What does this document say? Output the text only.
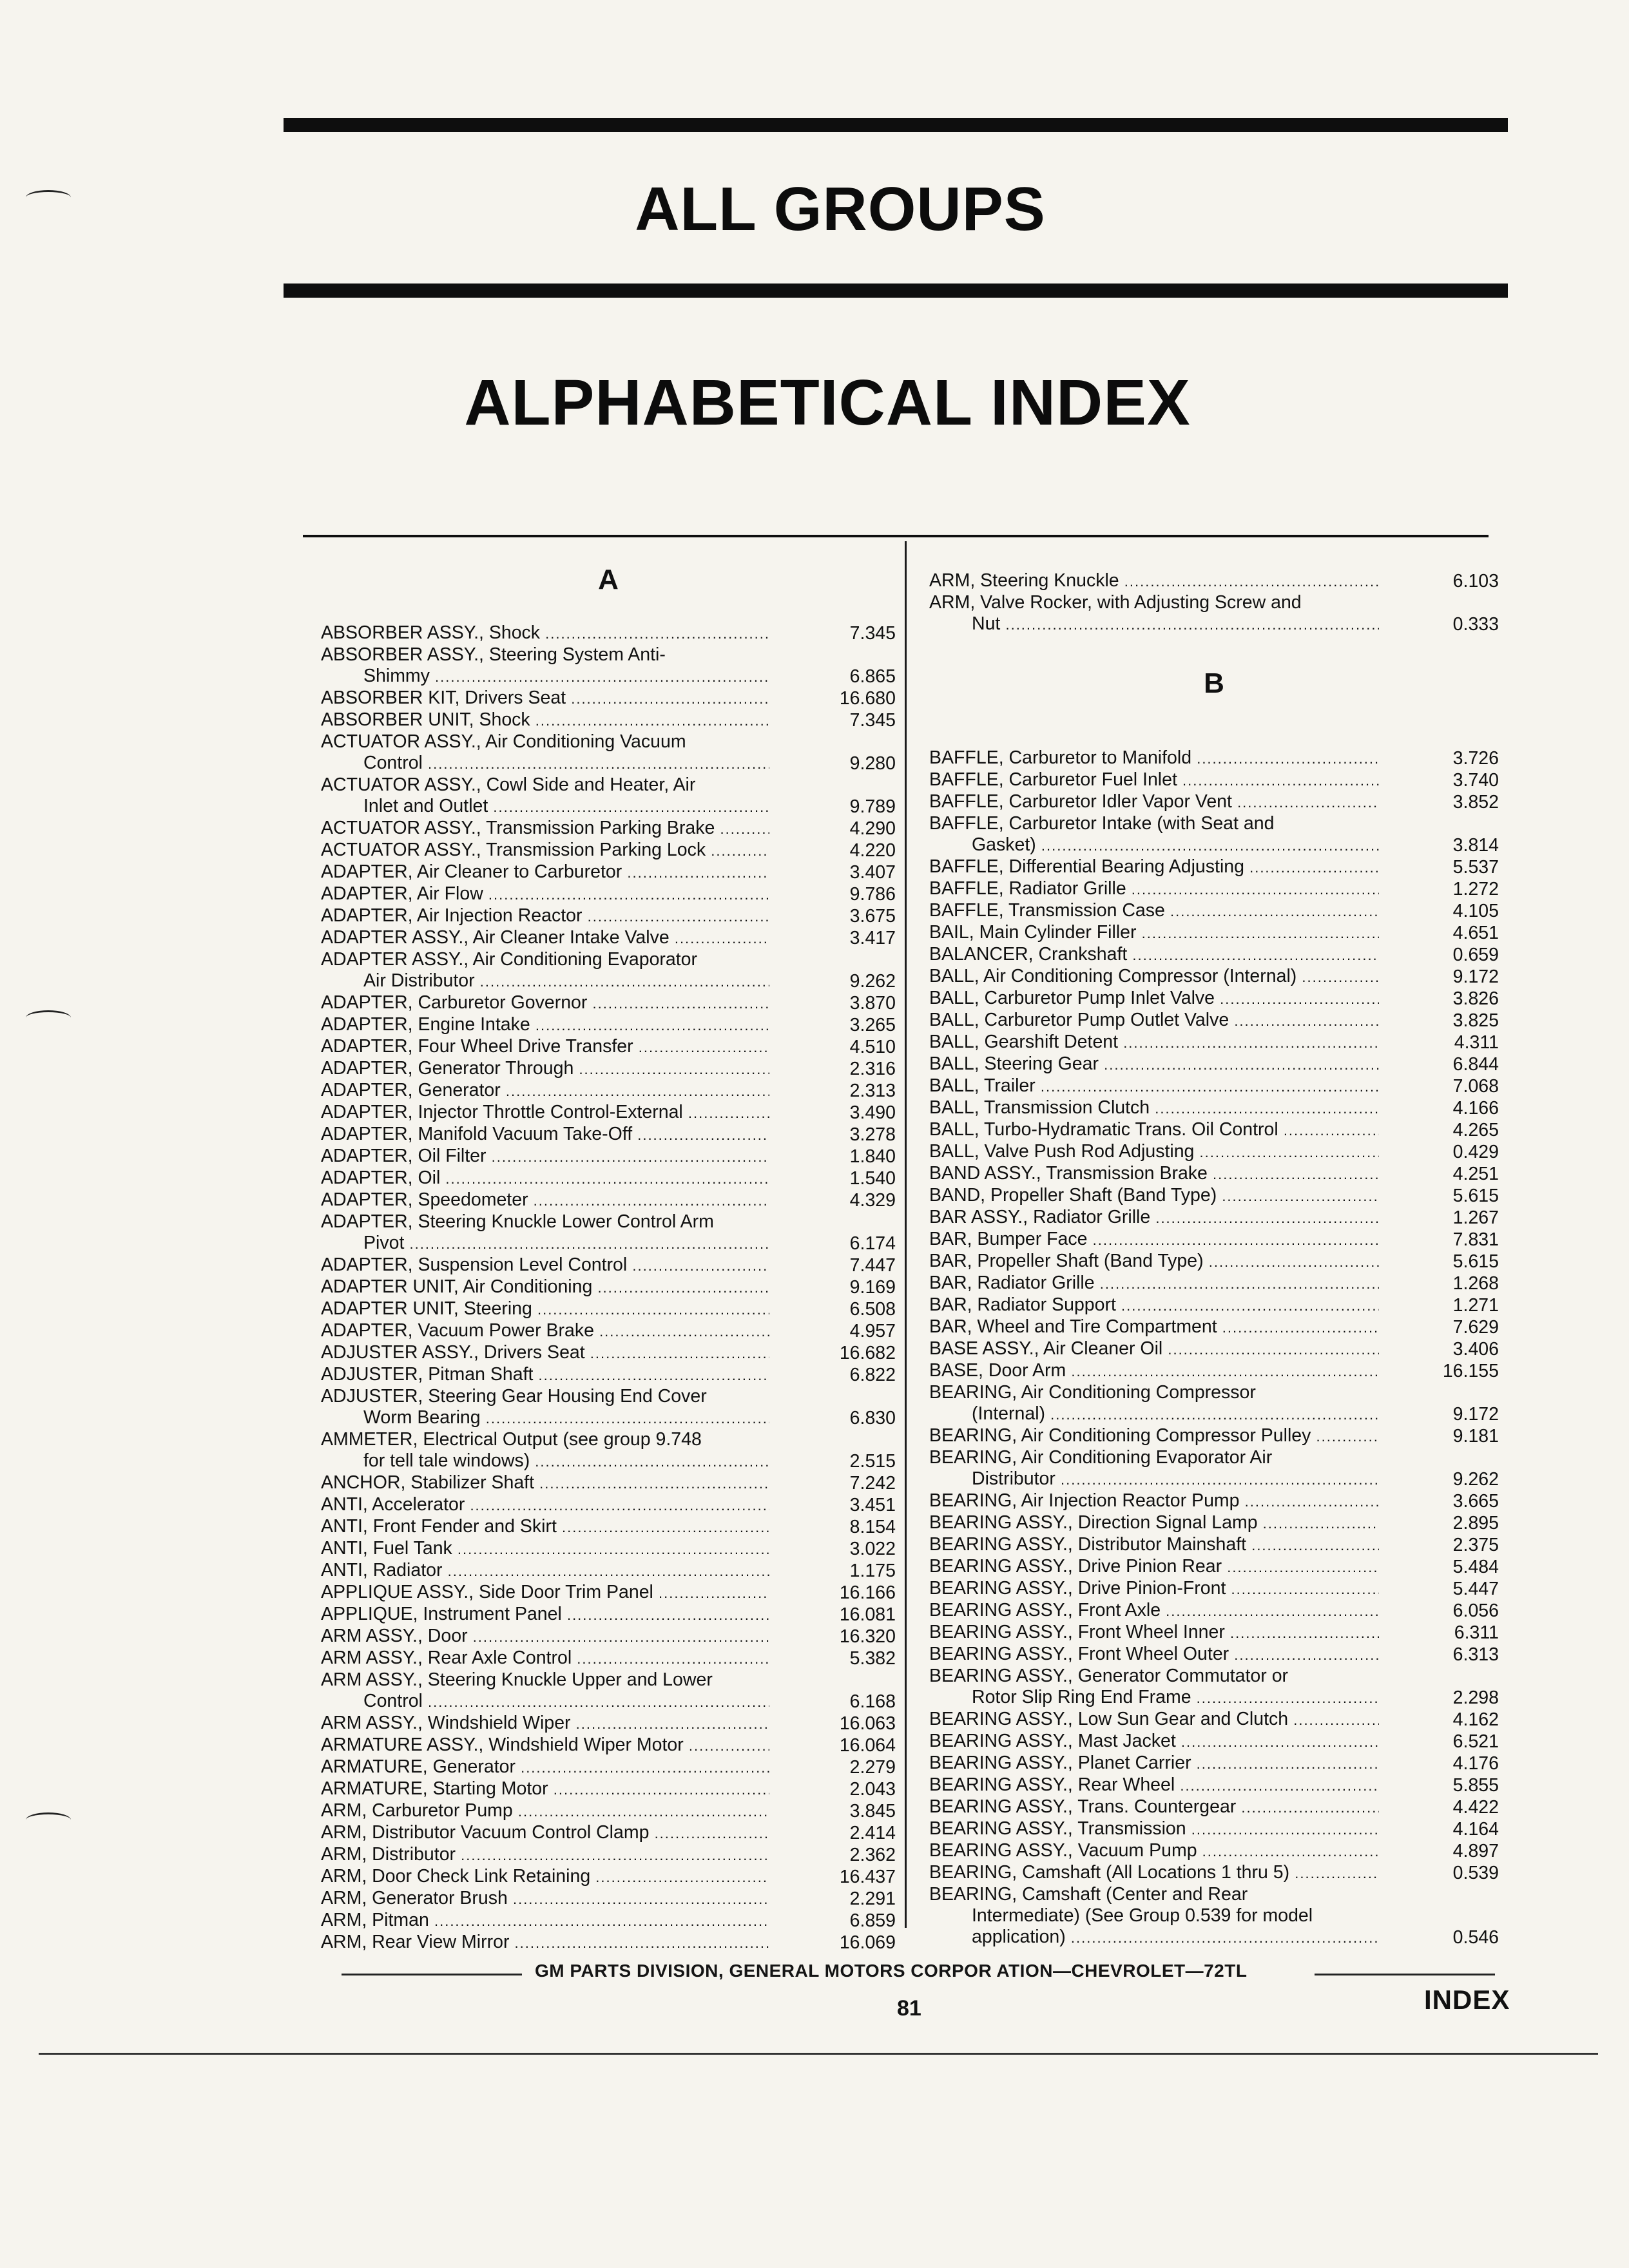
ALL GROUPS
ALPHABETICAL INDEX
A
ABSORBER ASSY., Shock .....	7.345
ABSORBER ASSY., Steering System Anti-
Shimmy .....	6.865
ABSORBER KIT, Drivers Seat .....	16.680
ABSORBER UNIT, Shock .....	7.345
ACTUATOR ASSY., Air Conditioning Vacuum
Control .....	9.280
ACTUATOR ASSY., Cowl Side and Heater, Air
Inlet and Outlet .....	9.789
ACTUATOR ASSY., Transmission Parking Brake .....	4.290
ACTUATOR ASSY., Transmission Parking Lock .....	4.220
ADAPTER, Air Cleaner to Carburetor .....	3.407
ADAPTER, Air Flow .....	9.786
ADAPTER, Air Injection Reactor .....	3.675
ADAPTER ASSY., Air Cleaner Intake Valve .....	3.417
ADAPTER ASSY., Air Conditioning Evaporator
Air Distributor .....	9.262
ADAPTER, Carburetor Governor .....	3.870
ADAPTER, Engine Intake .....	3.265
ADAPTER, Four Wheel Drive Transfer .....	4.510
ADAPTER, Generator Through .....	2.316
ADAPTER, Generator .....	2.313
ADAPTER, Injector Throttle Control-External .....	3.490
ADAPTER, Manifold Vacuum Take-Off .....	3.278
ADAPTER, Oil Filter .....	1.840
ADAPTER, Oil .....	1.540
ADAPTER, Speedometer .....	4.329
ADAPTER, Steering Knuckle Lower Control Arm
Pivot .....	6.174
ADAPTER, Suspension Level Control .....	7.447
ADAPTER UNIT, Air Conditioning .....	9.169
ADAPTER UNIT, Steering .....	6.508
ADAPTER, Vacuum Power Brake .....	4.957
ADJUSTER ASSY., Drivers Seat .....	16.682
ADJUSTER, Pitman Shaft .....	6.822
ADJUSTER, Steering Gear Housing End Cover
Worm Bearing .....	6.830
AMMETER, Electrical Output (see group 9.748
for tell tale windows) .....	2.515
ANCHOR, Stabilizer Shaft .....	7.242
ANTI, Accelerator .....	3.451
ANTI, Front Fender and Skirt .....	8.154
ANTI, Fuel Tank .....	3.022
ANTI, Radiator .....	1.175
APPLIQUE ASSY., Side Door Trim Panel .....	16.166
APPLIQUE, Instrument Panel .....	16.081
ARM ASSY., Door .....	16.320
ARM ASSY., Rear Axle Control .....	5.382
ARM ASSY., Steering Knuckle Upper and Lower
Control .....	6.168
ARM ASSY., Windshield Wiper .....	16.063
ARMATURE ASSY., Windshield Wiper Motor .....	16.064
ARMATURE, Generator .....	2.279
ARMATURE, Starting Motor .....	2.043
ARM, Carburetor Pump .....	3.845
ARM, Distributor Vacuum Control Clamp .....	2.414
ARM, Distributor .....	2.362
ARM, Door Check Link Retaining .....	16.437
ARM, Generator Brush .....	2.291
ARM, Pitman .....	6.859
ARM, Rear View Mirror .....	16.069
ARM, Steering Knuckle .....	6.103
ARM, Valve Rocker, with Adjusting Screw and
Nut .....	0.333
B
BAFFLE, Carburetor to Manifold .....	3.726
BAFFLE, Carburetor Fuel Inlet .....	3.740
BAFFLE, Carburetor Idler Vapor Vent .....	3.852
BAFFLE, Carburetor Intake (with Seat and
Gasket) .....	3.814
BAFFLE, Differential Bearing Adjusting .....	5.537
BAFFLE, Radiator Grille .....	1.272
BAFFLE, Transmission Case .....	4.105
BAIL, Main Cylinder Filler .....	4.651
BALANCER, Crankshaft .....	0.659
BALL, Air Conditioning Compressor (Internal) .....	9.172
BALL, Carburetor Pump Inlet Valve .....	3.826
BALL, Carburetor Pump Outlet Valve .....	3.825
BALL, Gearshift Detent .....	4.311
BALL, Steering Gear .....	6.844
BALL, Trailer .....	7.068
BALL, Transmission Clutch .....	4.166
BALL, Turbo-Hydramatic Trans. Oil Control .....	4.265
BALL, Valve Push Rod Adjusting .....	0.429
BAND ASSY., Transmission Brake .....	4.251
BAND, Propeller Shaft (Band Type) .....	5.615
BAR ASSY., Radiator Grille .....	1.267
BAR, Bumper Face .....	7.831
BAR, Propeller Shaft (Band Type) .....	5.615
BAR, Radiator Grille .....	1.268
BAR, Radiator Support .....	1.271
BAR, Wheel and Tire Compartment .....	7.629
BASE ASSY., Air Cleaner Oil .....	3.406
BASE, Door Arm .....	16.155
BEARING, Air Conditioning Compressor
(Internal) .....	9.172
BEARING, Air Conditioning Compressor Pulley .....	9.181
BEARING, Air Conditioning Evaporator Air
Distributor .....	9.262
BEARING, Air Injection Reactor Pump .....	3.665
BEARING ASSY., Direction Signal Lamp .....	2.895
BEARING ASSY., Distributor Mainshaft .....	2.375
BEARING ASSY., Drive Pinion Rear .....	5.484
BEARING ASSY., Drive Pinion-Front .....	5.447
BEARING ASSY., Front Axle .....	6.056
BEARING ASSY., Front Wheel Inner .....	6.311
BEARING ASSY., Front Wheel Outer .....	6.313
BEARING ASSY., Generator Commutator or
Rotor Slip Ring End Frame .....	2.298
BEARING ASSY., Low Sun Gear and Clutch .....	4.162
BEARING ASSY., Mast Jacket .....	6.521
BEARING ASSY., Planet Carrier .....	4.176
BEARING ASSY., Rear Wheel .....	5.855
BEARING ASSY., Trans. Countergear .....	4.422
BEARING ASSY., Transmission .....	4.164
BEARING ASSY., Vacuum Pump .....	4.897
BEARING, Camshaft (All Locations 1 thru 5) .....	0.539
BEARING, Camshaft (Center and Rear
Intermediate) (See Group 0.539 for model
application) .....	0.546
GM PARTS DIVISION, GENERAL MOTORS CORPOR ATION—CHEVROLET—72TL
81	INDEX
